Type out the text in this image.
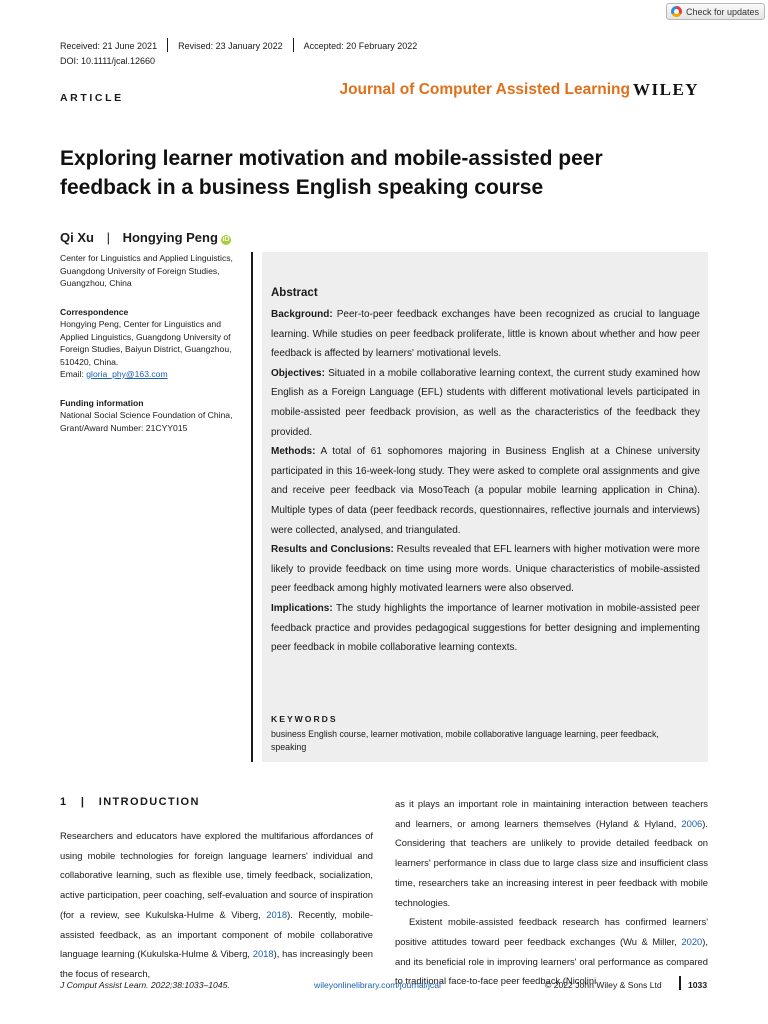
Check for updates
Received: 21 June 2021 Revised: 23 January 2022 Accepted: 20 February 2022
DOI: 10.1111/jcal.12660
ARTICLE	Journal of Computer Assisted Learning WILEY
Exploring learner motivation and mobile-assisted peer feedback in a business English speaking course
Qi Xu | Hongying Peng iD

Center for Linguistics and Applied Linguistics, Guangdong University of Foreign Studies, Guangzhou, China

Correspondence

Hongying Peng, Center for Linguistics and Applied Linguistics, Guangdong University of Foreign Studies, Baiyun District, Guangzhou, 510420, China.

Email: gloria_phy@163.com

Funding information

National Social Science Foundation of China, Grant/Award Number: 21CYY015

Abstract

Background: Peer-to-peer feedback exchanges have been recognized as crucial to language learning. While studies on peer feedback proliferate, little is known about whether and how peer feedback is affected by learners' motivational levels.

Objectives: Situated in a mobile collaborative learning context, the current study examined how English as a Foreign Language (EFL) students with different motivational levels participated in mobile-assisted peer feedback provision, as well as the characteristics of the feedback they provided.

Methods: A total of 61 sophomores majoring in Business English at a Chinese university participated in this 16-week-long study. They were asked to complete oral assignments and give and receive peer feedback via MosoTeach (a popular mobile learning application in China). Multiple types of data (peer feedback records, questionnaires, reflective journals and interviews) were collected, analysed, and triangulated.

Results and Conclusions: Results revealed that EFL learners with higher motivation were more likely to provide feedback on time using more words. Unique characteristics of mobile-assisted peer feedback among highly motivated learners were also observed.

Implications: The study highlights the importance of learner motivation in mobile-assisted peer feedback practice and provides pedagogical suggestions for better designing and implementing peer feedback in mobile collaborative learning contexts.

KEYWORDS
business English course, learner motivation, mobile collaborative language learning, peer feedback, speaking
1   |   INTRODUCTION

Researchers and educators have explored the multifarious affordances of using mobile technologies for foreign language learners' individual and collaborative learning, such as flexible use, timely feedback, socialization, active participation, peer coaching, self-evaluation and source of inspiration (for a review, see Kukulska-Hulme & Viberg, 2018). Recently, mobile-assisted feedback, as an important component of mobile collaborative language learning (Kukulska-Hulme & Viberg, 2018), has increasingly been the focus of research,

as it plays an important role in maintaining interaction between teachers and learners, or among learners themselves (Hyland & Hyland, 2006). Considering that teachers are unlikely to provide detailed feedback on learners' performance in class due to large class size and insufficient class time, researchers take an increasing interest in peer feedback with mobile technologies.

Existent mobile-assisted feedback research has confirmed learners' positive attitudes toward peer feedback exchanges (Wu & Miller, 2020), and its beneficial role in improving learners' oral performance as compared to traditional face-to-face peer feedback (Nicolini

J Comput Assist Learn. 2022;38:1033–1045.	wileyonlinelibrary.com/journal/jcal	© 2022 John Wiley & Sons Ltd	1033
